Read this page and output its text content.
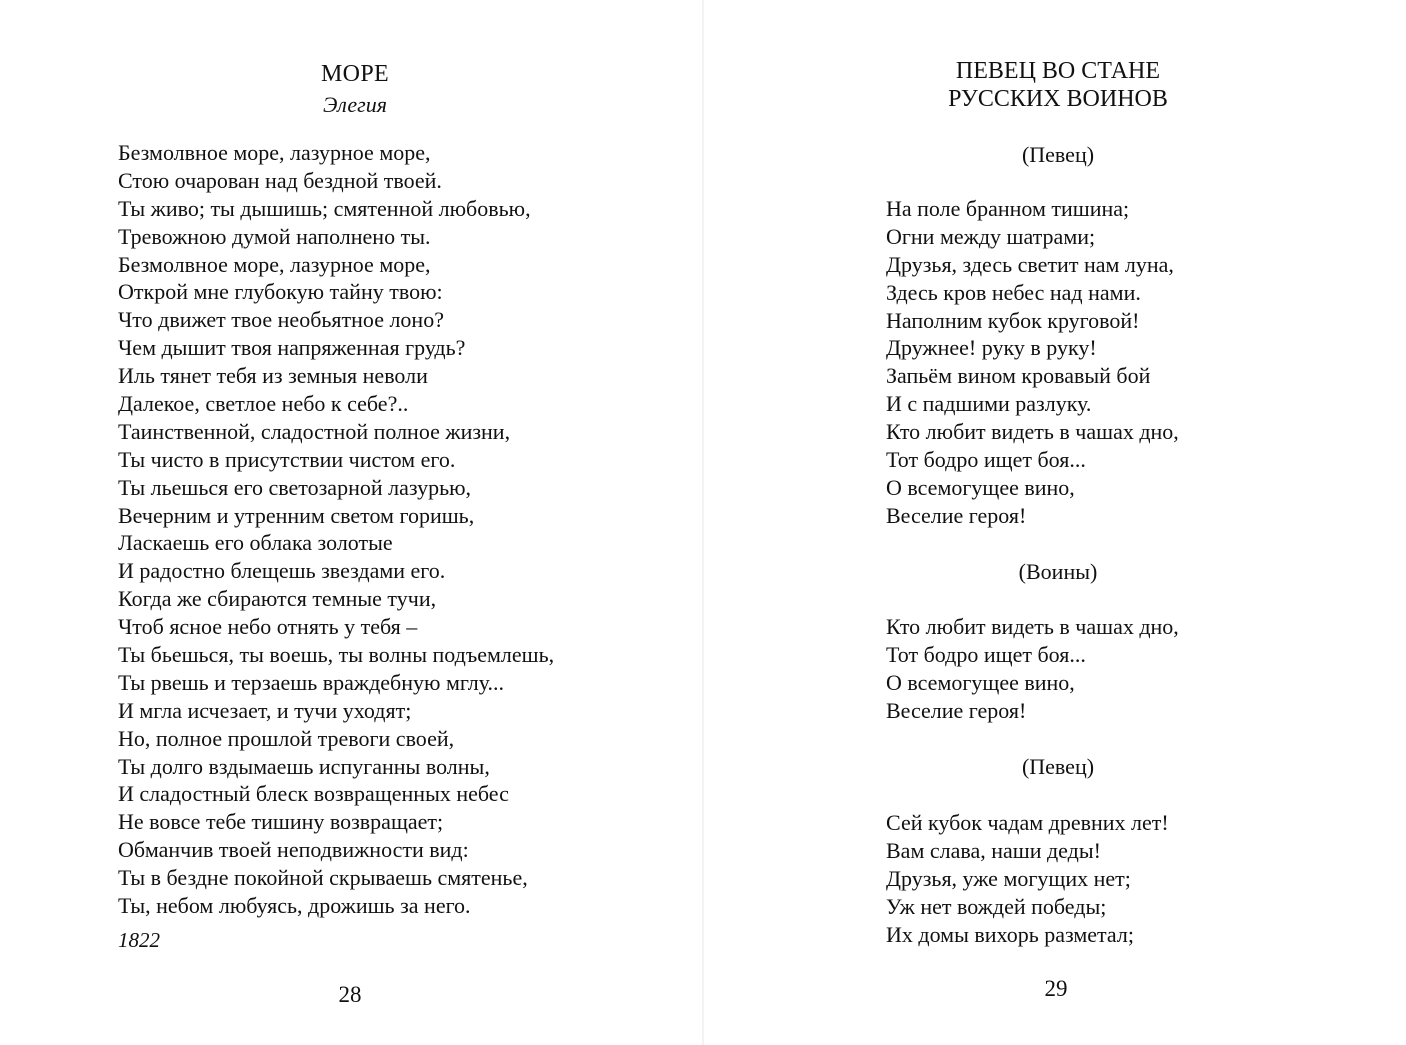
МОРЕ
Элегия
Безмолвное море, лазурное море,
Стою очарован над бездной твоей.
Ты живо; ты дышишь; смятенной любовью,
Тревожною думой наполнено ты.
Безмолвное море, лазурное море,
Открой мне глубокую тайну твою:
Что движет твое необьятное лоно?
Чем дышит твоя напряженная грудь?
Иль тянет тебя из земныя неволи
Далекое, светлое небо к себе?..
Таинственной, сладостной полное жизни,
Ты чисто в присутствии чистом его.
Ты льешься его светозарной лазурью,
Вечерним и утренним светом горишь,
Ласкаешь его облака золотые
И радостно блещешь звездами его.
Когда же сбираются темные тучи,
Чтоб ясное небо отнять у тебя –
Ты бьешься, ты воешь, ты волны подъемлешь,
Ты рвешь и терзаешь враждебную мглу...
И мгла исчезает, и тучи уходят;
Но, полное прошлой тревоги своей,
Ты долго вздымаешь испуганны волны,
И сладостный блеск возвращенных небес
Не вовсе тебе тишину возвращает;
Обманчив твоей неподвижности вид:
Ты в бездне покойной скрываешь смятенье,
Ты, небом любуясь, дрожишь за него.
1822
28
ПЕВЕЦ ВО СТАНЕ
РУССКИХ ВОИНОВ
(Певец)
На поле бранном тишина;
Огни между шатрами;
Друзья, здесь светит нам луна,
Здесь кров небес над нами.
Наполним кубок круговой!
Дружнее! руку в руку!
Запьём вином кровавый бой
И с падшими разлуку.
Кто любит видеть в чашах дно,
Тот бодро ищет боя...
О всемогущее вино,
Веселие героя!
(Воины)
Кто любит видеть в чашах дно,
Тот бодро ищет боя...
О всемогущее вино,
Веселие героя!
(Певец)
Сей кубок чадам древних лет!
Вам слава, наши деды!
Друзья, уже могущих нет;
Уж нет вождей победы;
Их домы вихорь разметал;
29
